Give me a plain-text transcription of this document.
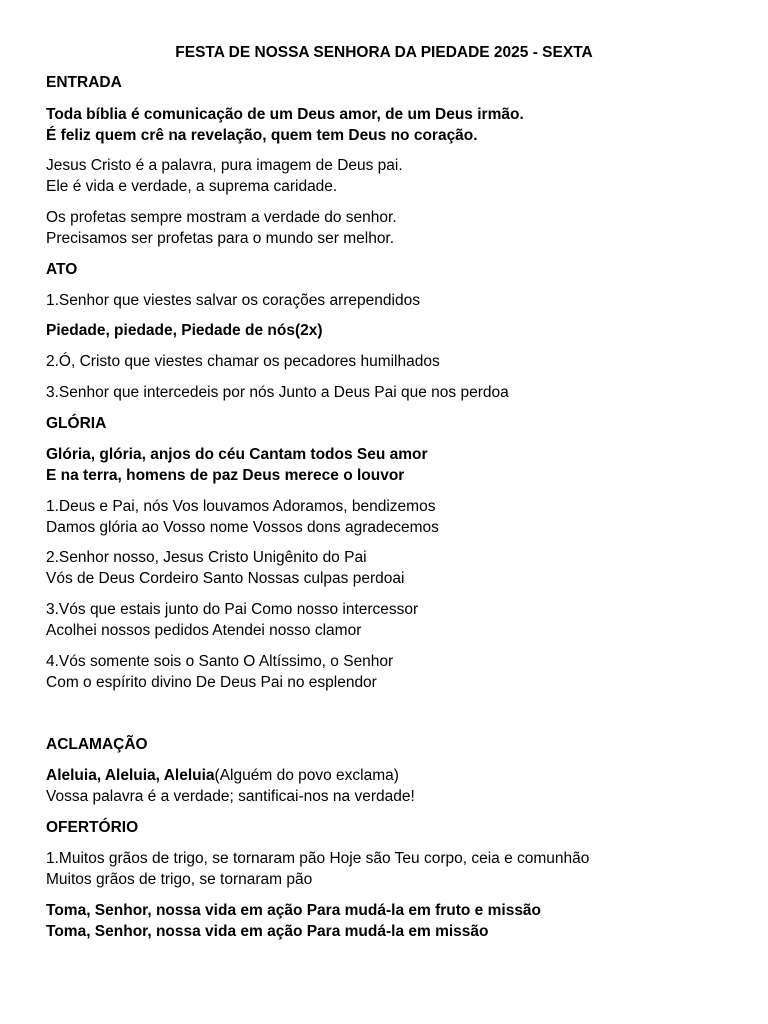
FESTA DE NOSSA SENHORA DA PIEDADE 2025 - SEXTA
ENTRADA
Toda bíblia é comunicação de um Deus amor, de um Deus irmão.
É feliz quem crê na revelação, quem tem Deus no coração.
Jesus Cristo é a palavra, pura imagem de Deus pai.
Ele é vida e verdade, a suprema caridade.
Os profetas sempre mostram a verdade do senhor.
Precisamos ser profetas para o mundo ser melhor.
ATO
1.Senhor que viestes salvar os corações arrependidos
Piedade, piedade, Piedade de nós(2x)
2.Ó, Cristo que viestes chamar os pecadores humilhados
3.Senhor que intercedeis por nós Junto a Deus Pai que nos perdoa
GLÓRIA
Glória, glória, anjos do céu Cantam todos Seu amor
E na terra, homens de paz Deus merece o louvor
1.Deus e Pai, nós Vos louvamos Adoramos, bendizemos
Damos glória ao Vosso nome Vossos dons agradecemos
2.Senhor nosso, Jesus Cristo Unigênito do Pai
Vós de Deus Cordeiro Santo Nossas culpas perdoai
3.Vós que estais junto do Pai Como nosso intercessor
Acolhei nossos pedidos Atendei nosso clamor
4.Vós somente sois o Santo O Altíssimo, o Senhor
Com o espírito divino De Deus Pai no esplendor
ACLAMAÇÃO
Aleluia, Aleluia, Aleluia(Alguém do povo exclama)
Vossa palavra é a verdade; santificai-nos na verdade!
OFERTÓRIO
1.Muitos grãos de trigo, se tornaram pão Hoje são Teu corpo, ceia e comunhão
Muitos grãos de trigo, se tornaram pão
Toma, Senhor, nossa vida em ação Para mudá-la em fruto e missão
Toma, Senhor, nossa vida em ação Para mudá-la em missão
